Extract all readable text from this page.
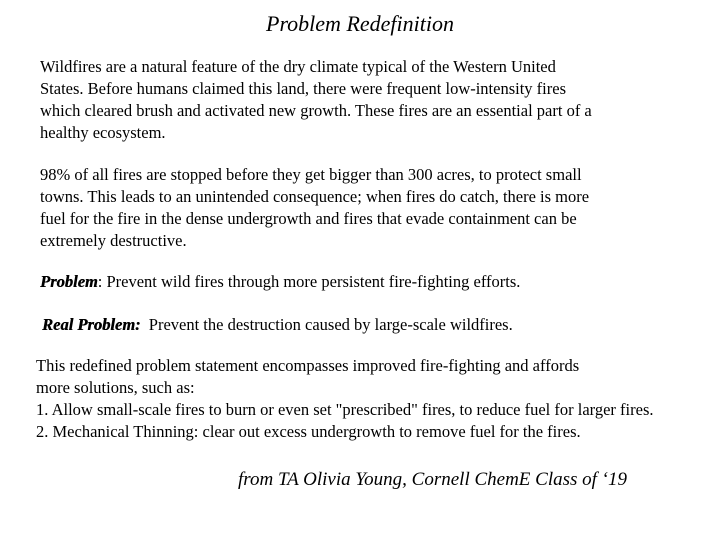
Problem Redefinition

Wildfires are a natural feature of the dry climate typical of the Western United
States. Before humans claimed this land, there were frequent low-intensity fires
which cleared brush and activated new growth. These fires are an essential part of a
healthy ecosystem.

98% of all fires are stopped before they get bigger than 300 acres, to protect small
towns. This leads to an unintended consequence; when fires do catch, there is more
fuel for the fire in the dense undergrowth and fires that evade containment can be
extremely destructive.

Problem: Prevent wild fires through more persistent fire-fighting efforts.

Real Problem:  Prevent the destruction caused by large-scale wildfires.

This redefined problem statement encompasses improved fire-fighting and affords
more solutions, such as:
1. Allow small-scale fires to burn or even set "prescribed" fires, to reduce fuel for larger fires.
2. Mechanical Thinning: clear out excess undergrowth to remove fuel for the fires.

from TA Olivia Young, Cornell ChemE Class of ‘19
